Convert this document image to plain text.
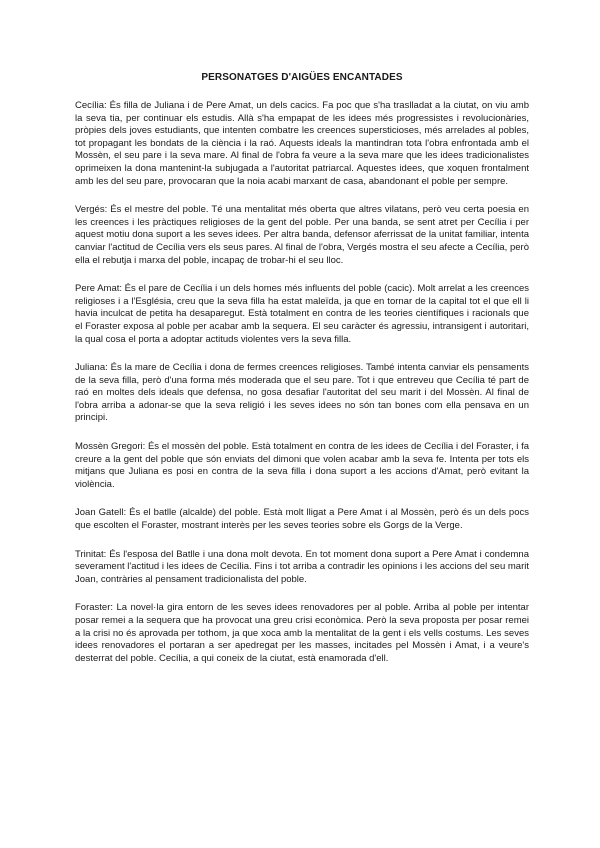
PERSONATGES D'AIGÜES ENCANTADES

Cecília: És filla de Juliana i de Pere Amat, un dels cacics. Fa poc que s'ha traslladat a la ciutat, on viu amb la seva tia, per continuar els estudis. Allà s'ha empapat de les idees més progressistes i revolucionàries, pròpies dels joves estudiants, que intenten combatre les creences supersticioses, més arrelades al pobles, tot propagant les bondats de la ciència i la raó. Aquests ideals la mantindran tota l'obra enfrontada amb el Mossèn, el seu pare i la seva mare. Al final de l'obra fa veure a la seva mare que les idees tradicionalistes oprimeixen la dona mantenint-la subjugada a l'autoritat patriarcal. Aquestes idees, que xoquen frontalment amb les del seu pare, provocaran que la noia acabi marxant de casa, abandonant el poble per sempre.

Vergés: És el mestre del poble. Té una mentalitat més oberta que altres vilatans, però veu certa poesia en les creences i les pràctiques religioses de la gent del poble. Per una banda, se sent atret per Cecília i per aquest motiu dona suport a les seves idees. Per altra banda, defensor aferrissat de la unitat familiar, intenta canviar l'actitud de Cecília vers els seus pares. Al final de l'obra, Vergés mostra el seu afecte a Cecília, però ella el rebutja i marxa del poble, incapaç de trobar-hi el seu lloc.

Pere Amat: És el pare de Cecília i un dels homes més influents del poble (cacic). Molt arrelat a les creences religioses i a l'Església, creu que la seva filla ha estat maleïda, ja que en tornar de la capital tot el que ell li havia inculcat de petita ha desaparegut. Està totalment en contra de les teories científiques i racionals que el Foraster exposa al poble per acabar amb la sequera. El seu caràcter és agressiu, intransigent i autoritari, la qual cosa el porta a adoptar actituds violentes vers la seva filla.

Juliana: És la mare de Cecília i dona de fermes creences religioses. També intenta canviar els pensaments de la seva filla, però d'una forma més moderada que el seu pare. Tot i que entreveu que Cecília té part de raó en moltes dels ideals que defensa, no gosa desafiar l'autoritat del seu marit i del Mossèn. Al final de l'obra arriba a adonar-se que la seva religió i les seves idees no són tan bones com ella pensava en un principi.

Mossèn Gregori: És el mossèn del poble. Està totalment en contra de les idees de Cecília i del Foraster, i fa creure a la gent del poble que són enviats del dimoni que volen acabar amb la seva fe. Intenta per tots els mitjans que Juliana es posi en contra de la seva filla i dona suport a les accions d'Amat, però evitant la violència.

Joan Gatell: És el batlle (alcalde) del poble. Està molt lligat a Pere Amat i al Mossèn, però és un dels pocs que escolten el Foraster, mostrant interès per les seves teories sobre els Gorgs de la Verge.

Trinitat: És l'esposa del Batlle i una dona molt devota. En tot moment dona suport a Pere Amat i condemna severament l'actitud i les idees de Cecília. Fins i tot arriba a contradir les opinions i les accions del seu marit Joan, contràries al pensament tradicionalista del poble.

Foraster: La novel·la gira entorn de les seves idees renovadores per al poble. Arriba al poble per intentar posar remei a la sequera que ha provocat una greu crisi econòmica. Però la seva proposta per posar remei a la crisi no és aprovada per tothom, ja que xoca amb la mentalitat de la gent i els vells costums. Les seves idees renovadores el portaran a ser apedregat per les masses, incitades pel Mossèn i Amat, i a veure's desterrat del poble. Cecília, a qui coneix de la ciutat, està enamorada d'ell.
